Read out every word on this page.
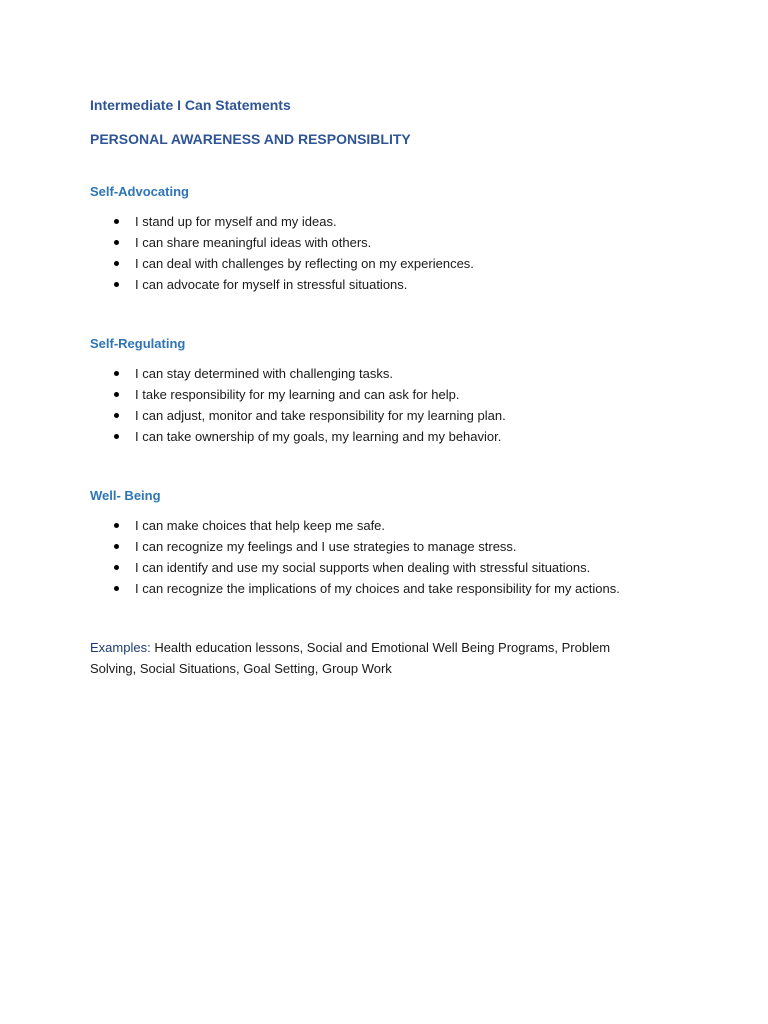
Intermediate I Can Statements
PERSONAL AWARENESS AND RESPONSIBLITY
Self-Advocating
I stand up for myself and my ideas.
I can share meaningful ideas with others.
I can deal with challenges by reflecting on my experiences.
I can advocate for myself in stressful situations.
Self-Regulating
I can stay determined with challenging tasks.
I take responsibility for my learning and can ask for help.
I can adjust, monitor and take responsibility for my learning plan.
I can take ownership of my goals, my learning and my behavior.
Well- Being
I can make choices that help keep me safe.
I can recognize my feelings and I use strategies to manage stress.
I can identify and use my social supports when dealing with stressful situations.
I can recognize the implications of my choices and take responsibility for my actions.

Examples: Health education lessons, Social and Emotional Well Being Programs, Problem Solving, Social Situations, Goal Setting, Group Work
